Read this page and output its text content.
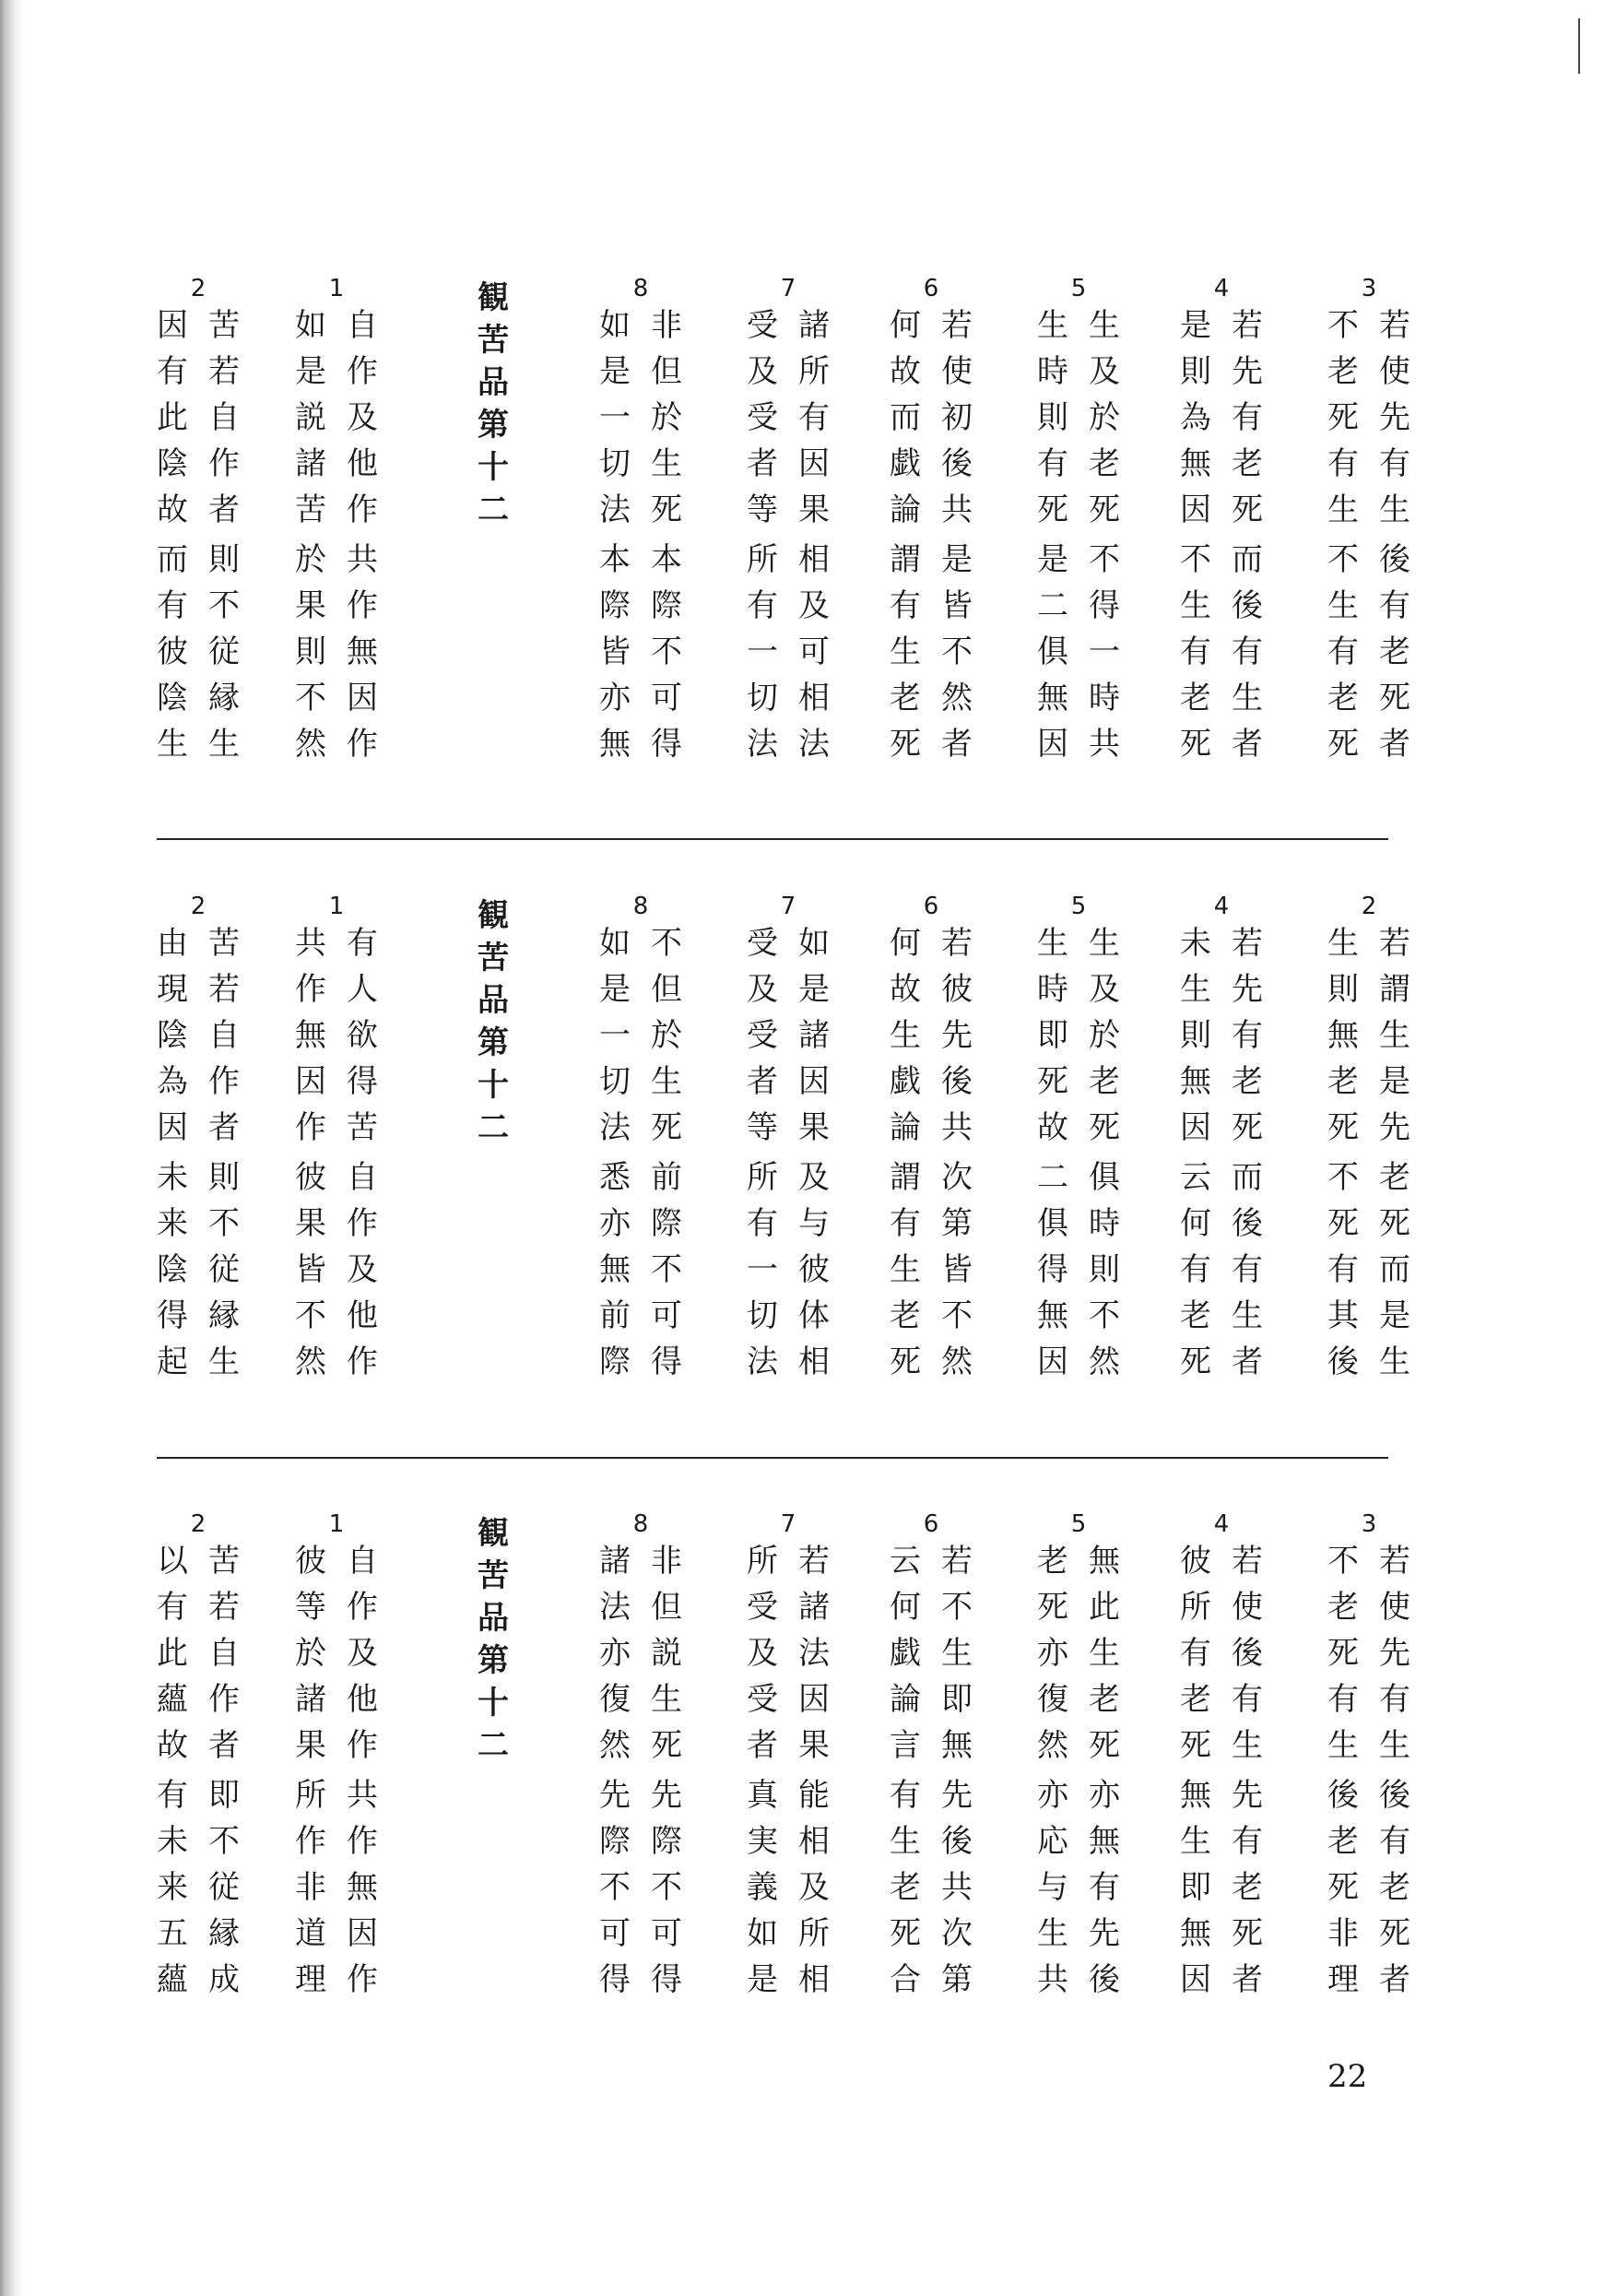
3
若
使
先
有
生
不
老
死
有
生
後
有
老
死
者
不
生
有
老
死
4
若
先
有
老
死
是
則
為
無
因
而
後
有
生
者
不
生
有
老
死
5
生
及
於
老
死
生
時
則
有
死
不
得
一
時
共
是
二
俱
無
因
6
若
使
初
後
共
何
故
而
戯
論
是
皆
不
然
者
謂
有
生
老
死
7
諸
所
有
因
果
受
及
受
者
等
相
及
可
相
法
所
有
一
切
法
8
非
但
於
生
死
如
是
一
切
法
本
際
不
可
得
本
際
皆
亦
無
1
自
作
及
他
作
如
是
説
諸
苦
共
作
無
因
作
於
果
則
不
然
2
苦
若
自
作
者
因
有
此
陰
故
則
不
従
縁
生
而
有
彼
陰
生
観
苦
品
第
十
二
2
若
謂
生
是
先
生
則
無
老
死
老
死
而
是
生
不
死
有
其
後
4
若
先
有
老
死
未
生
則
無
因
而
後
有
生
者
云
何
有
老
死
5
生
及
於
老
死
生
時
即
死
故
俱
時
則
不
然
二
俱
得
無
因
6
若
彼
先
後
共
何
故
生
戯
論
次
第
皆
不
然
謂
有
生
老
死
7
如
是
諸
因
果
受
及
受
者
等
及
与
彼
体
相
所
有
一
切
法
8
不
但
於
生
死
如
是
一
切
法
前
際
不
可
得
悉
亦
無
前
際
1
有
人
欲
得
苦
共
作
無
因
作
自
作
及
他
作
彼
果
皆
不
然
2
苦
若
自
作
者
由
現
陰
為
因
則
不
従
縁
生
未
来
陰
得
起
観
苦
品
第
十
二
3
若
使
先
有
生
不
老
死
有
生
後
有
老
死
者
後
老
死
非
理
4
若
使
後
有
生
彼
所
有
老
死
先
有
老
死
者
無
生
即
無
因
5
無
此
生
老
死
老
死
亦
復
然
亦
無
有
先
後
亦
応
与
生
共
6
若
不
生
即
無
云
何
戯
論
言
先
後
共
次
第
有
生
老
死
合
7
若
諸
法
因
果
所
受
及
受
者
能
相
及
所
相
真
実
義
如
是
8
非
但
説
生
死
諸
法
亦
復
然
先
際
不
可
得
先
際
不
可
得
1
自
作
及
他
作
彼
等
於
諸
果
共
作
無
因
作
所
作
非
道
理
2
苦
若
自
作
者
以
有
此
蘊
故
即
不
従
縁
成
有
未
来
五
蘊
観
苦
品
第
十
二
22
